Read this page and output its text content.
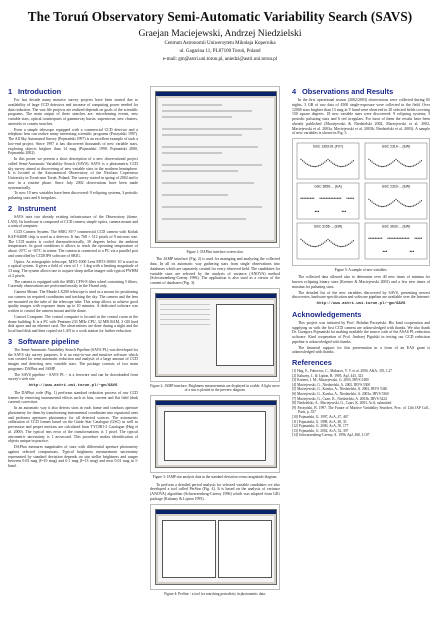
The Toruń Observatory Semi-Automatic Variability Search (SAVS)
Graejan Maciejewski, Andrzej Niedzielski
Centrum Astronomii Uniwersytetu Mikołaja Kopernika
ul. Gagarina 11, PL87100 Toruń, Poland
e-mail: gm@astri.uni.torun.pl, aniedzi@astri.uni.torun.pl
1 Introduction

For last decade many massive survey projects have been started due to availability of large CCD detectors and increase of computing power needed for data reduction. The vast file projects are realized depends on goals of the scientific programs. The main output of these searches are: microlensing events, new variable stars, optical counterparts of gamma-ray bursts, supernovae, new clusters, asteroids or comets searches.

Even a simple telescope equipped with a commercial CCD detector and a telephoto lens can realize many interesting scientific programs (Paczyński 1997). The All Sky Automated Survey (Pojmański 1997) is an excellent example of such a low-end project. Since 1997 it has discovered thousands of new variable stars, exploring objects brighter than 14 mag (Pojmański 1998, Pojmański 2000, Pojmański 2002).

In this poster we present a short description of a new observational project called Semi-Automatic Variability Search (SAVS). SAVS is a photometric CCD sky survey aimed at discovering of new variable stars in the northern hemisphere. It is located at the Astronomical Observatory of the Nicolaus Copernicus University in Toruń near Toruń, Poland. The survey started in spring of 2002 and is now in a routine phase. Since July 2002 observations have been made systematically.

To now 10 new variables have been discovered: 9 eclipsing systems, 3 periodic pulsating stars and 6 irregulars.

2 Instrument

SAVS uses two already existing infrastructure of the Observatory (dome, LAN). Its hardware is composed of CCD camera, simple optics, camera mount and a control computer.

CCD Camera System. The SBIG ST-7 commercial CCD camera with Kodak KAF-0400E chip is used as a detector. It has 768 × 512 pixels of 9 microns size. The CCD matrix is cooled thermoelectrically, 30 degrees below the ambient temperature. In good conditions it allows to reach the operating temperature of about -25°C or -30°C in winter. The camera is connected to a PC via a parallel port and controlled by CCDOPS software of SBIG.

Optics. As astrographic telescope, MTO-1000 Lens MTO-1000/f 10 is used as a optical system. It gives a field of view of 1 × 1 deg with a limiting magnitude of 13 mag. The system allows one to acquire sharp stellar images with typical FWHM of 2 pixels.

The camera is equipped with the SBIG CFW-8 filter wheel containing 5 filters. Currently observations are performed mostly in the I-band only.

Camera Mount. The Meade LX200 telescope is used as a mount for positioning our camera on required coordinates and tracking the sky. The camera and the lens are mounted on the tube of the telescope tube. This setup allows to achieve good quality images with exposure times up to 10 minutes. A dedicated software was written to control the camera mount and the dome.

Control Computer. The control computer is located in the control room in the dome building. It is a PC with Pentium 233 MHz CPU, 32 MB RAM, 3 GB hard disk space and an ethernet card. The observations are done during a night and the local hard disk and then copied via LAN to a work station for further reduction.

3 Software pipeline

The Semi-Automatic Variability Search Pipeline (SAVS PL) was developed for the SAVS sky survey purposes. It is an easy-to-use and intuitive software which was created for semi-automatic reduction and analysis of a large amount of CCD images and detecting new variable stars. The package consists of two main programs: DAPhot and JAMP.

The SAVS pipeline - SAVS PL - is a freeware and can be downloaded from survey's web site.

http://www.astri.uni.torun.pl/~gm/SAVS

The DAPhot code (Fig. 1) performs standard reduction process of raw CCD frames by removing instrumental effects such as bias, current and flat field (dark current) correction.

In an automatic way it also detects stars in each frame and conducts aperture photometry for them by transforming instrumental coordinates into equatorial ones and performs apertures photometry for all detected sources. The astrometric calibration of CCD frames based on the Guide Star Catalogue (GSC) as well as precession and proper motions are calculated from TYCHO-2 Catalogue (Høg et al. 2000). The typical rms error of the transformations is 1 pixel. The typical astrometric uncertainty is 1 arcsecond. This procedure makes identification of objects unique in practice.

DAPhot measures magnitudes of stars with differential aperture photometry against selected comparisons. Typical brightness measurement uncertainty represented by standard deviation depends on star stellar brightness and ranges between 0.03 mag (I=10 mag) and 0.1 mag (I=13 mag) and near 0.01 mag in I-band.

Figure 1: DAPhot interface screen shot.

The JAMP interface (Fig. 2) is used for managing and analyzing the collected data. In all its automatic way gathering stars from single observations into databases which are separately created for every observed field. The candidates for variable stars are selected by the analysis of variance (ANOVA) method (Schwarzenberg-Czerny 1996). The application is also used as a viewer of the content of databases (Fig. 3).

Figure 2: JAMP interface. Brightness measurements are displayed in a table. A light curve of a star is plotted in the preview diagram.
Figure 3: JAMP star analysis data in the standard deviation versus magnitude diagram.

To perform a detailed period analysis for selected variable candidates we also developed a tool called PerStar (Fig. 4). It is based on the analysis of variance (ANOVA) algorithm (Schwarzenberg-Czerny 1996) which was adopted from GIG package (Kaluzny & Lipton 1995).

Figure 4: PerStar - a tool for searching periodicity in photometric data.
4 Observations and Results

In the first operational season (2002/2003) observations were collected during 65 nights. 3 GB of raw data of 4500 single-exposure were collected in the field. Over 12000 stars brighter than 13 mag in V band were observed in 20 selected fields covering 150 square degrees. 18 new variable stars were discovered: 9 eclipsing systems, 3 periodic pulsating stars and 6 red irregulars. For most of them the results have been already published (Maciejewski & Niedzielski 2002, Maciejewski et al. 2002, Maciejewski et al. 2003a, Maciejewski et al. 2003b, Niedzielski et al. 2003). A sample of new variables is shown in Fig. 5.

GSC 1393-01 (FX?)	GSC 2314-... (EW)
GSC 3656-... (EA)	GSC 2323-... (EW)
GSC 3156-... (EW)	GSC 3632-... (EW)
Figure 5: A sample of new variables.

The collected data allowed also to determine over 40 new times of minima for known eclipsing binary stars (Kreiner & Maciejewski 2003) and a few new times of maxima for pulsating stars.

The detailed list of the new variables discovered by SAVS, presenting newest discoveries, hardware specification and software pipeline are available over the Internet:

http://www.astri.uni.torun.pl/~gm/SAVS
Acknowledgements

This project was initiated by Prof. Bohdan Paczyński. His kind cooperation and supplying us with the first CCD camera are acknowledged with thanks. We also thank Dr. Grzegorz Pojmański for making available the source code of the ASAS PL reduction software. Kind cooperation of Prof. Andrzej Pigulski in testing our CCD reduction pipeline is acknowledged with thanks.

The financial support for this presentation in a form of an EAS grant is acknowledged with thanks.

References
[1] Høg, E., Fabricius, C., Makarov, V. V. et al. 2000, A&A, 355, L27
[2] Kaluzny, J., & Lipton, B. 1995, ApJ, 443, 323
[3] Kreiner, J. M., Maciejewski, G. 2003, IBVS 5480
[4] Maciejewski, G., Niedzielski, A. 2002, IBVS 5300
[5] Maciejewski, G., Karska, A., Niedzielski, A. 2002, IBVS 5346
[6] Maciejewski, G., Karska, A., Niedzielski, A. 2003a, IBVS 5360
[7] Maciejewski, G., Czart, K., Niedzielski, A. 2003b, IBVS 5424
[8] Niedzielski, A., Maciejewski, G., Czart, K. 2003, AcA, submitted
[9] Paczyński, B. 1997, The Future of Massive Variability Searches, Proc. of 12th IAP Coll., Paris, p. 357
[10] Pojmański, G. 1997, AcA, 47, 467
[11] Pojmański, G. 1998, AcA, 48, 35
[12] Pojmański, G. 2000, AcA, 50, 177
[13] Pojmański, G. 2002, AcA, 52, 397
[14] Schwarzenberg-Czerny, A. 1996, ApJ, 460, L107
